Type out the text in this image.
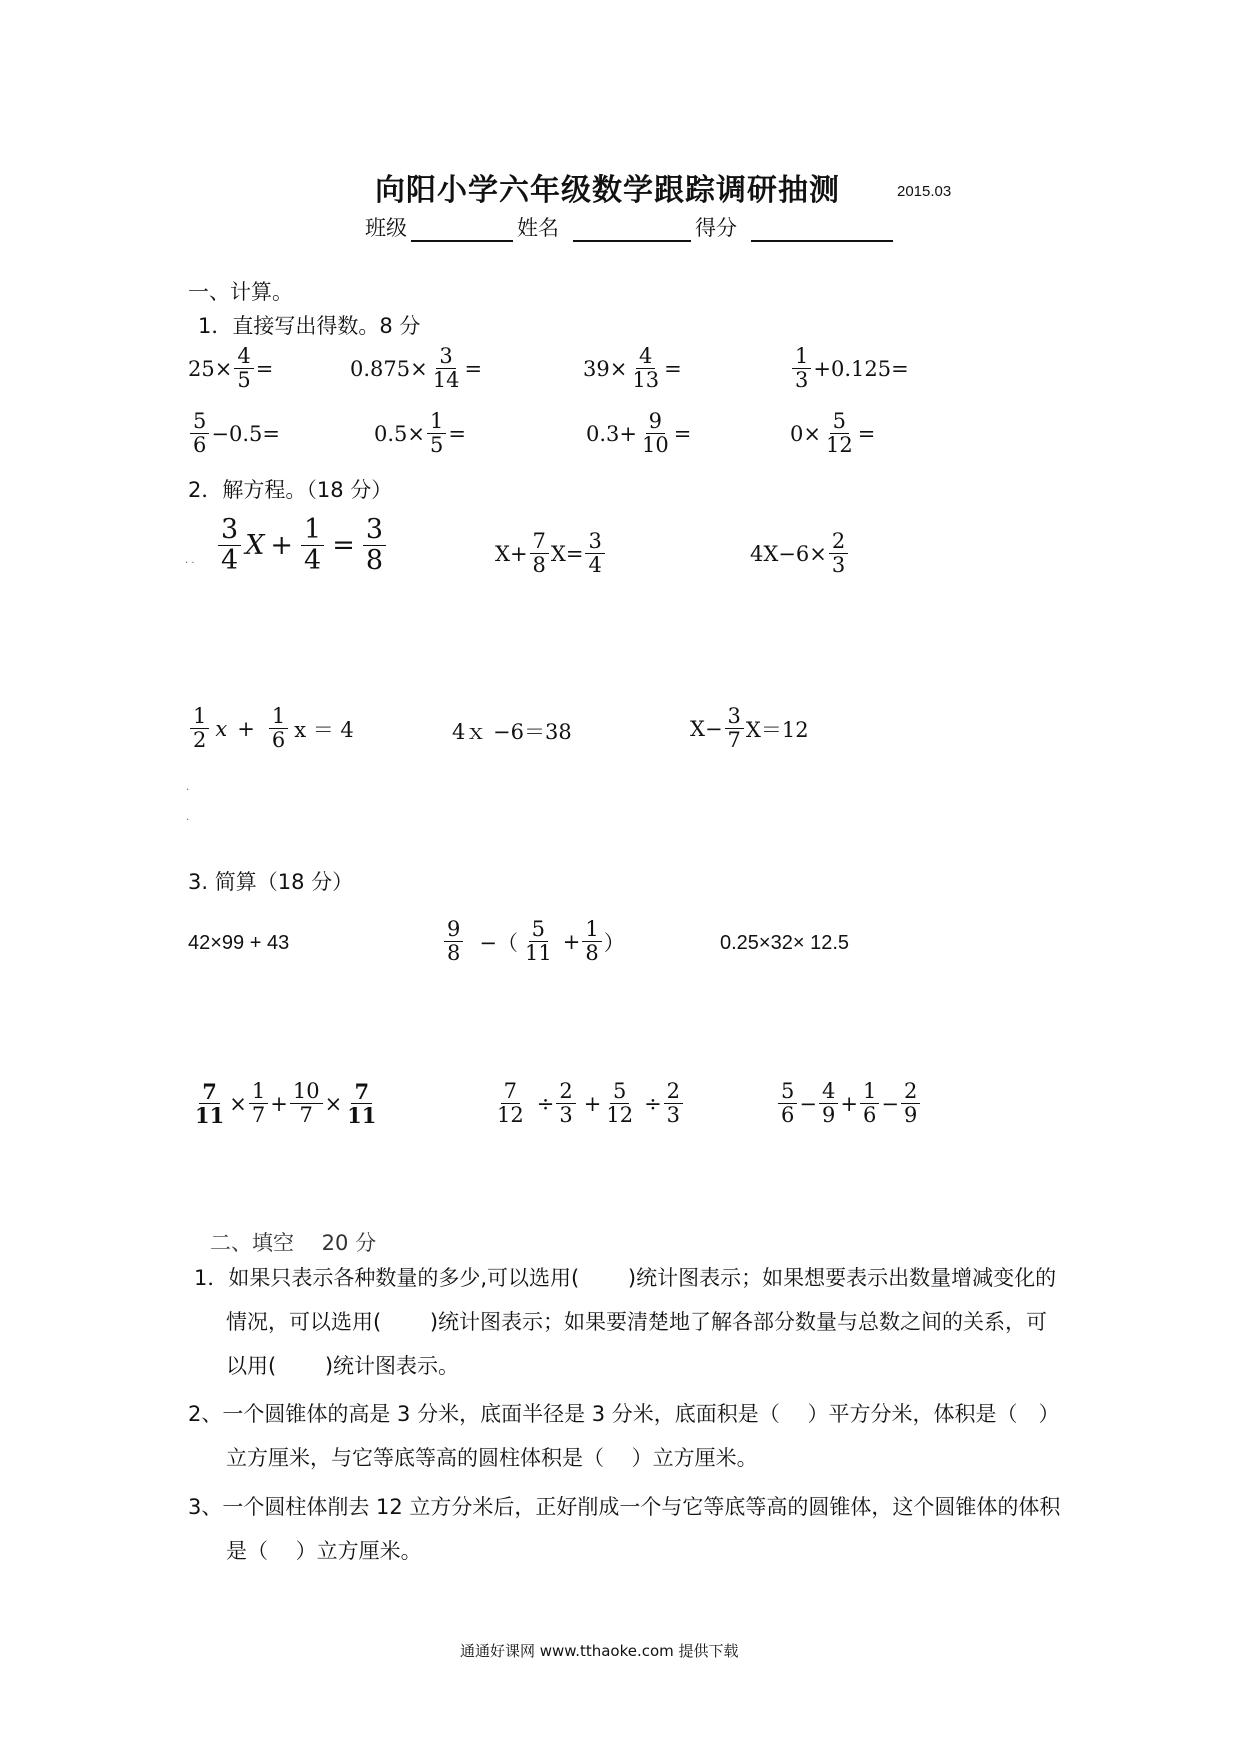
向阳小学六年级数学跟踪调研抽测	2015.03
班级	姓名	得分
一、计算。
1．直接写出得数。8 分
$25\times \frac{4}{5}$ =	$0.875\times \frac{3}{14}$ =	$39\times \frac{4}{13}$ =	$\frac{1}{3} +0.125=$
$\frac{5}{6} -0.5=$	$0.5\times \frac{1}{5}$ =	$0.3+ \frac{9}{10}$ =	$0\times \frac{5}{12}$ =
2．解方程。（18 分）
· · $\frac{3}{4}$ $X + \frac{1}{4} = \frac{3}{8}$	$X+ \frac{7}{8} X= \frac{3}{4}$	$4X-6\times \frac{2}{3}$
$\frac{1}{2}$ $x + \frac{1}{6}$ x ＝ 4	4ｘ −6＝38	$X- \frac{3}{7} X=12$
·
·
3. 简算（18 分）
42×99 + 43	$\frac{9}{8}$ −（ $\frac{5}{11} + \frac{1}{8}$ ）	0.25×32× 12.5
$\frac{7}{11} \times \frac{1}{7} + \frac{10}{7} \times \frac{7}{11}$	$\frac{7}{12} \div \frac{2}{3} + \frac{5}{12} \div \frac{2}{3}$	$\frac{5}{6} - \frac{4}{9} + \frac{1}{6} - \frac{2}{9}$
二、填空　 20 分
1．如果只表示各种数量的多少,可以选用(　　 )统计图表示；如果想要表示出数量增减变化的情况，可以选用(　　 )统计图表示；如果要清楚地了解各部分数量与总数之间的关系，可以用(　　 )统计图表示。
2、一个圆锥体的高是 3 分米，底面半径是 3 分米，底面积是（　 ）平方分米，体积是（　）立方厘米，与它等底等高的圆柱体积是（　 ）立方厘米。
3、一个圆柱体削去 12 立方分米后，正好削成一个与它等底等高的圆锥体，这个圆锥体的体积是（　 ）立方厘米。
通通好课网 www.tthaoke.com 提供下载
